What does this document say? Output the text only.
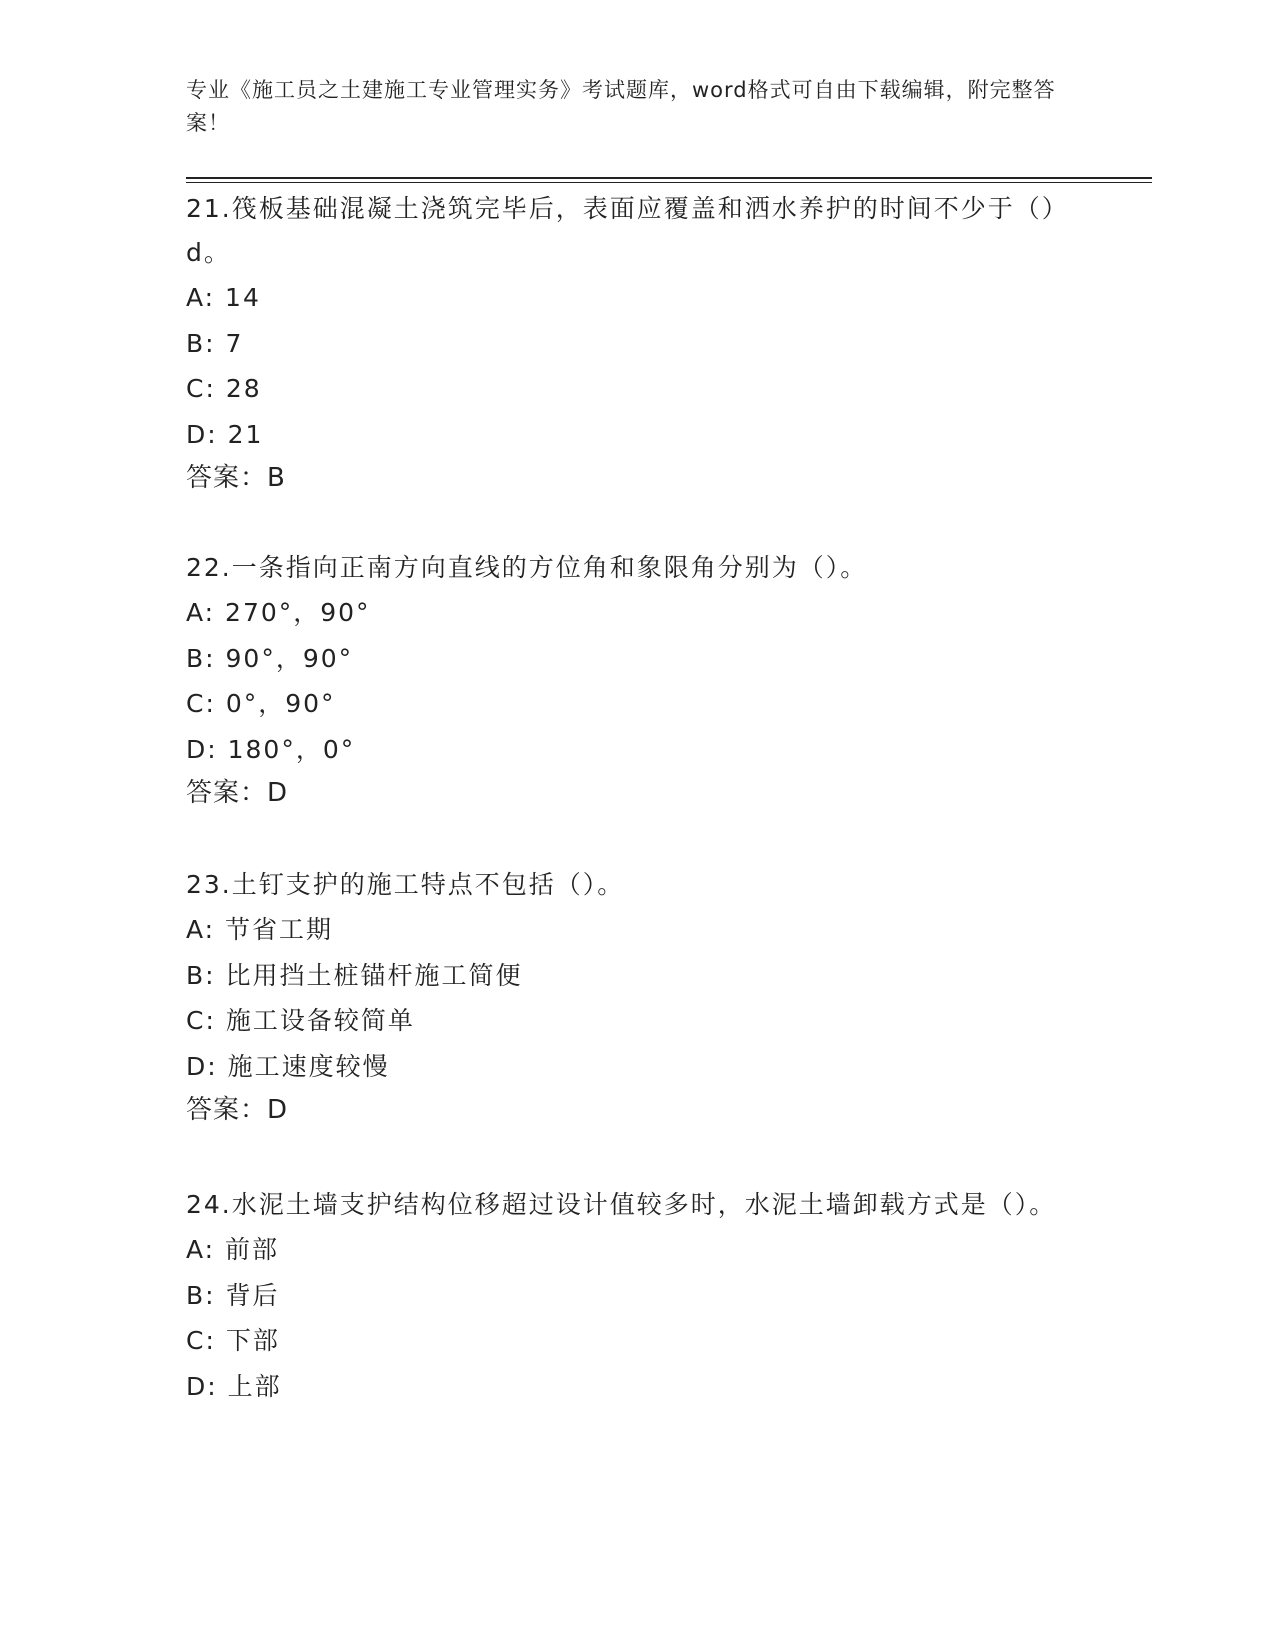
专业《施工员之土建施工专业管理实务》考试题库，word格式可自由下载编辑，附完整答案！
21.筏板基础混凝土浇筑完毕后，表面应覆盖和洒水养护的时间不少于（）d。
A: 14
B: 7
C: 28
D: 21
答案：B
22.一条指向正南方向直线的方位角和象限角分别为（）。
A: 270°，90°
B: 90°，90°
C: 0°，90°
D: 180°，0°
答案：D
23.土钉支护的施工特点不包括（）。
A: 节省工期
B: 比用挡土桩锚杆施工简便
C: 施工设备较简单
D: 施工速度较慢
答案：D
24.水泥土墙支护结构位移超过设计值较多时，水泥土墙卸载方式是（）。
A: 前部
B: 背后
C: 下部
D: 上部
